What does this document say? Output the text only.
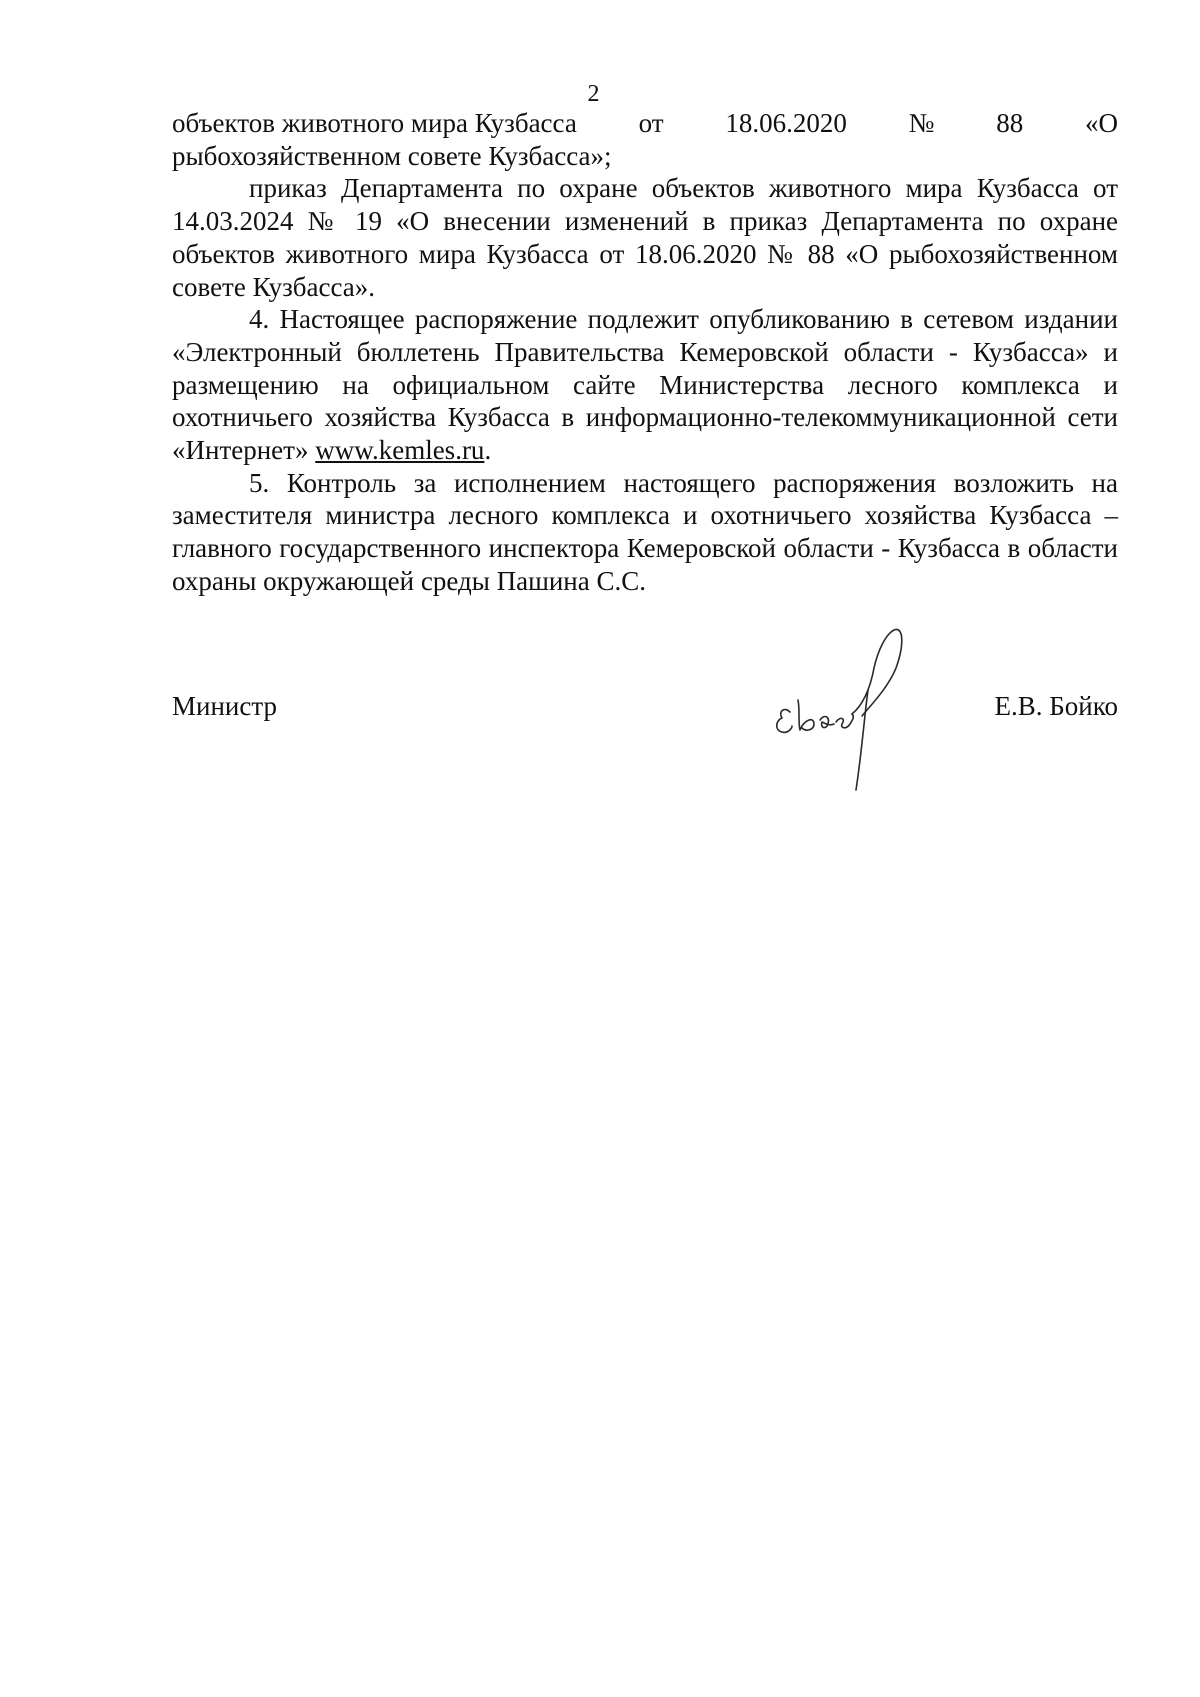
2
объектов животного мира Кузбасса от 18.06.2020 № 88 «О

рыбохозяйственном совете Кузбасса»;

приказ Департамента по охране объектов животного мира Кузбасса от 14.03.2024 № 19 «О внесении изменений в приказ Департамента по охране объектов животного мира Кузбасса от 18.06.2020 № 88 «О рыбохозяйственном совете Кузбасса».

4. Настоящее распоряжение подлежит опубликованию в сетевом издании «Электронный бюллетень Правительства Кемеровской области - Кузбасса» и размещению на официальном сайте Министерства лесного комплекса и охотничьего хозяйства Кузбасса в информационно-телекоммуникационной сети «Интернет» www.kemles.ru.

5. Контроль за исполнением настоящего распоряжения возложить на заместителя министра лесного комплекса и охотничьего хозяйства Кузбасса – главного государственного инспектора Кемеровской области - Кузбасса в области охраны окружающей среды Пашина С.С.

Министр	Е.В. Бойко
